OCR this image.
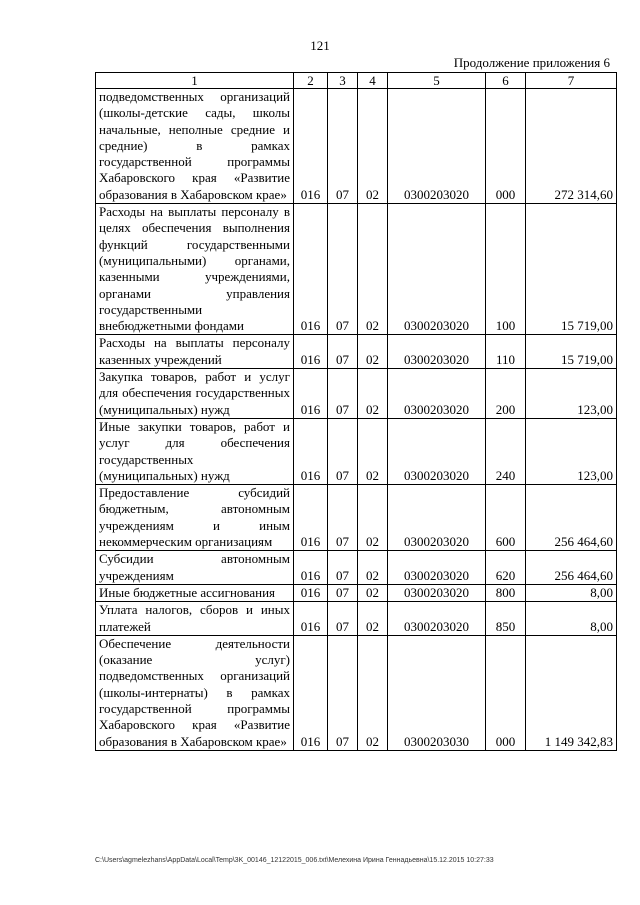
121
Продолжение приложения 6
1	2	3	4	5	6	7
подведомственных организаций (школы-детские сады, школы начальные, неполные средние и средние) в рамках государственной программы Хабаровского края «Развитие образования в Хабаровском крае»	016	07	02	0300203020	000	272 314,60
Расходы на выплаты персоналу в целях обеспечения выполнения функций государственными (муниципальными) органами, казенными учреждениями, органами управления государственными внебюджетными фондами	016	07	02	0300203020	100	15 719,00
Расходы на выплаты персоналу казенных учреждений	016	07	02	0300203020	110	15 719,00
Закупка товаров, работ и услуг для обеспечения государственных (муниципальных) нужд	016	07	02	0300203020	200	123,00
Иные закупки товаров, работ и услуг для обеспечения государственных (муниципальных) нужд	016	07	02	0300203020	240	123,00
Предоставление субсидий бюджетным, автономным учреждениям и иным некоммерческим организациям	016	07	02	0300203020	600	256 464,60
Субсидии автономным учреждениям	016	07	02	0300203020	620	256 464,60
Иные бюджетные ассигнования	016	07	02	0300203020	800	8,00
Уплата налогов, сборов и иных платежей	016	07	02	0300203020	850	8,00
Обеспечение деятельности (оказание услуг) подведомственных организаций (школы-интернаты) в рамках государственной программы Хабаровского края «Развитие образования в Хабаровском крае»	016	07	02	0300203030	000	1 149 342,83
C:\Users\agmelezhans\AppData\Local\Temp\3K_00146_12122015_006.txt\Мелехина Ирина Геннадьевна\15.12.2015 10:27:33
